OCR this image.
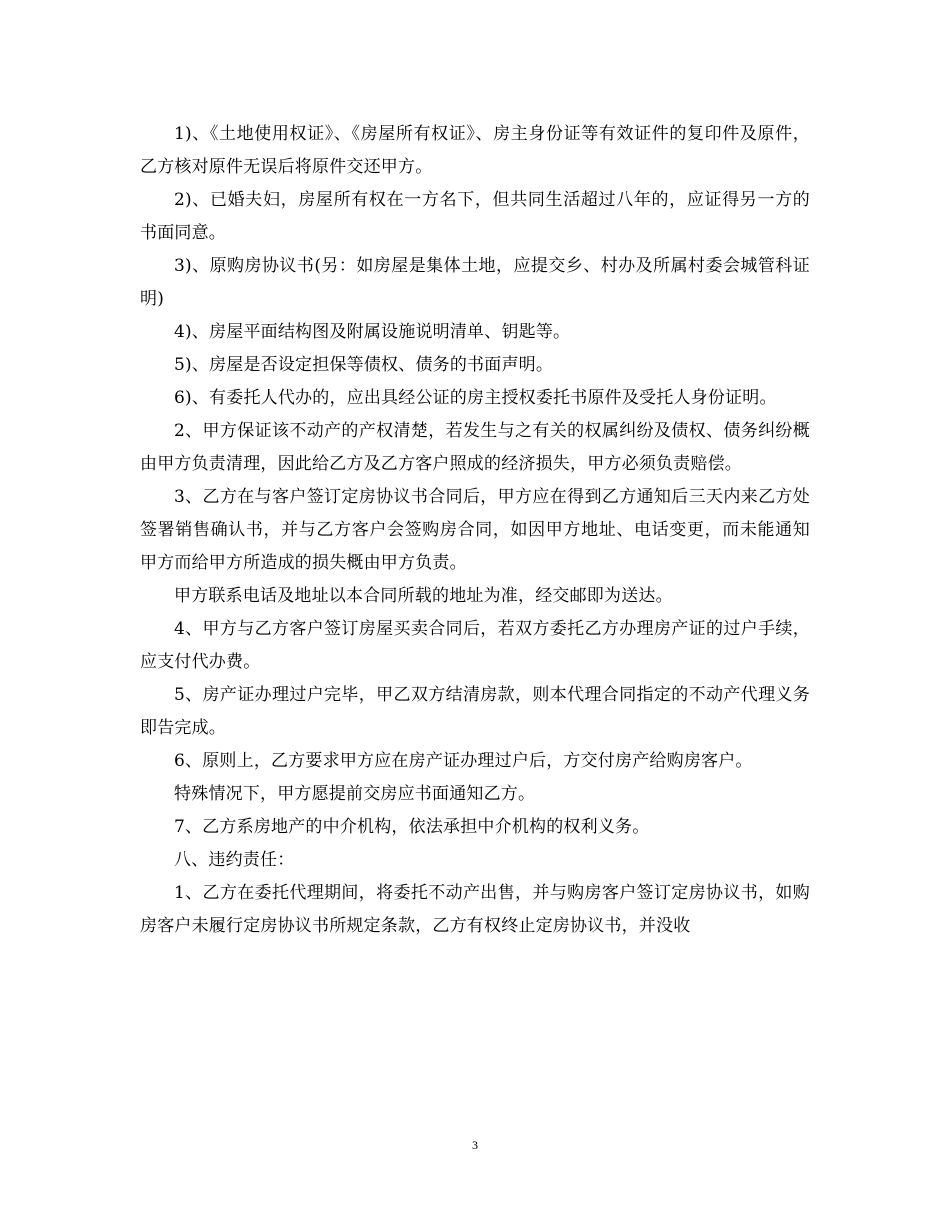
1)、《土地使用权证》、《房屋所有权证》、房主身份证等有效证件的复印件及原件，乙方核对原件无误后将原件交还甲方。

2)、已婚夫妇，房屋所有权在一方名下，但共同生活超过八年的，应证得另一方的书面同意。

3)、原购房协议书(另：如房屋是集体土地，应提交乡、村办及所属村委会城管科证明)

4)、房屋平面结构图及附属设施说明清单、钥匙等。

5)、房屋是否设定担保等债权、债务的书面声明。

6)、有委托人代办的，应出具经公证的房主授权委托书原件及受托人身份证明。

2、甲方保证该不动产的产权清楚，若发生与之有关的权属纠纷及债权、债务纠纷概由甲方负责清理，因此给乙方及乙方客户照成的经济损失，甲方必须负责赔偿。

3、乙方在与客户签订定房协议书合同后，甲方应在得到乙方通知后三天内来乙方处签署销售确认书，并与乙方客户会签购房合同，如因甲方地址、电话变更，而未能通知甲方而给甲方所造成的损失概由甲方负责。

甲方联系电话及地址以本合同所载的地址为准，经交邮即为送达。

4、甲方与乙方客户签订房屋买卖合同后，若双方委托乙方办理房产证的过户手续，应支付代办费。

5、房产证办理过户完毕，甲乙双方结清房款，则本代理合同指定的不动产代理义务即告完成。

6、原则上，乙方要求甲方应在房产证办理过户后，方交付房产给购房客户。

特殊情况下，甲方愿提前交房应书面通知乙方。

7、乙方系房地产的中介机构，依法承担中介机构的权利义务。

八、违约责任：

1、乙方在委托代理期间，将委托不动产出售，并与购房客户签订定房协议书，如购房客户未履行定房协议书所规定条款，乙方有权终止定房协议书，并没收

3
